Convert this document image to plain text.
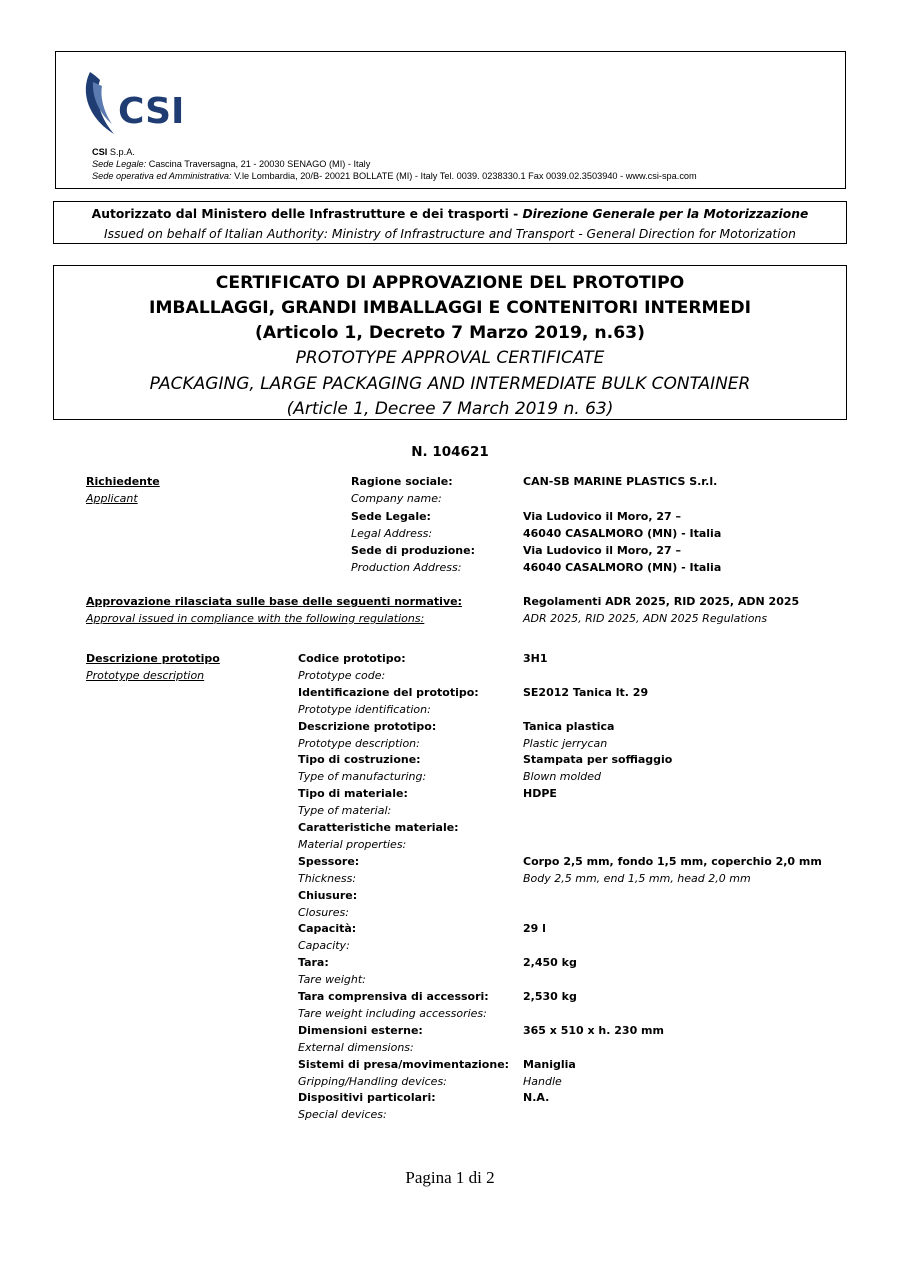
CSI
CSI S.p.A.
Sede Legale: Cascina Traversagna, 21 - 20030 SENAGO (MI) - Italy
Sede operativa ed Amministrativa: V.le Lombardia, 20/B- 20021 BOLLATE (MI) - Italy Tel. 0039. 0238330.1 Fax 0039.02.3503940 - www.csi-spa.com
Autorizzato dal Ministero delle Infrastrutture e dei trasporti - Direzione Generale per la Motorizzazione
Issued on behalf of Italian Authority: Ministry of Infrastructure and Transport - General Direction for Motorization
CERTIFICATO DI APPROVAZIONE DEL PROTOTIPO
IMBALLAGGI, GRANDI IMBALLAGGI E CONTENITORI INTERMEDI
(Articolo 1, Decreto 7 Marzo 2019, n.63)
PROTOTYPE APPROVAL CERTIFICATE
PACKAGING, LARGE PACKAGING AND INTERMEDIATE BULK CONTAINER
(Article 1, Decree 7 March 2019 n. 63)
N. 104621
Richiedente
Applicant
Ragione sociale:
Company name:
CAN-SB MARINE PLASTICS S.r.l.
Sede Legale:
Legal Address:
Via Ludovico il Moro, 27 –
46040 CASALMORO (MN) - Italia
Sede di produzione:
Production Address:
Via Ludovico il Moro, 27 –
46040 CASALMORO (MN) - Italia
Approvazione rilasciata sulle base delle seguenti normative:
Approval issued in compliance with the following regulations:
Regolamenti ADR 2025, RID 2025, ADN 2025
ADR 2025, RID 2025, ADN 2025 Regulations
Descrizione prototipo
Prototype description
Codice prototipo:
Prototype code:
3H1
Identificazione del prototipo:
Prototype identification:
SE2012 Tanica lt. 29
Descrizione prototipo:
Prototype description:
Tanica plastica
Plastic jerrycan
Tipo di costruzione:
Type of manufacturing:
Stampata per soffiaggio
Blown molded
Tipo di materiale:
Type of material:
HDPE
Caratteristiche materiale:
Material properties:
Spessore:
Thickness:
Corpo 2,5 mm, fondo 1,5 mm, coperchio 2,0 mm
Body 2,5 mm, end 1,5 mm, head 2,0 mm
Chiusure:
Closures:
Capacità:
Capacity:
29 l
Tara:
Tare weight:
2,450 kg
Tara comprensiva di accessori:
Tare weight including accessories:
2,530 kg
Dimensioni esterne:
External dimensions:
365 x 510 x h. 230 mm
Sistemi di presa/movimentazione:
Gripping/Handling devices:
Maniglia
Handle
Dispositivi particolari:
Special devices:
N.A.
Pagina 1 di 2
